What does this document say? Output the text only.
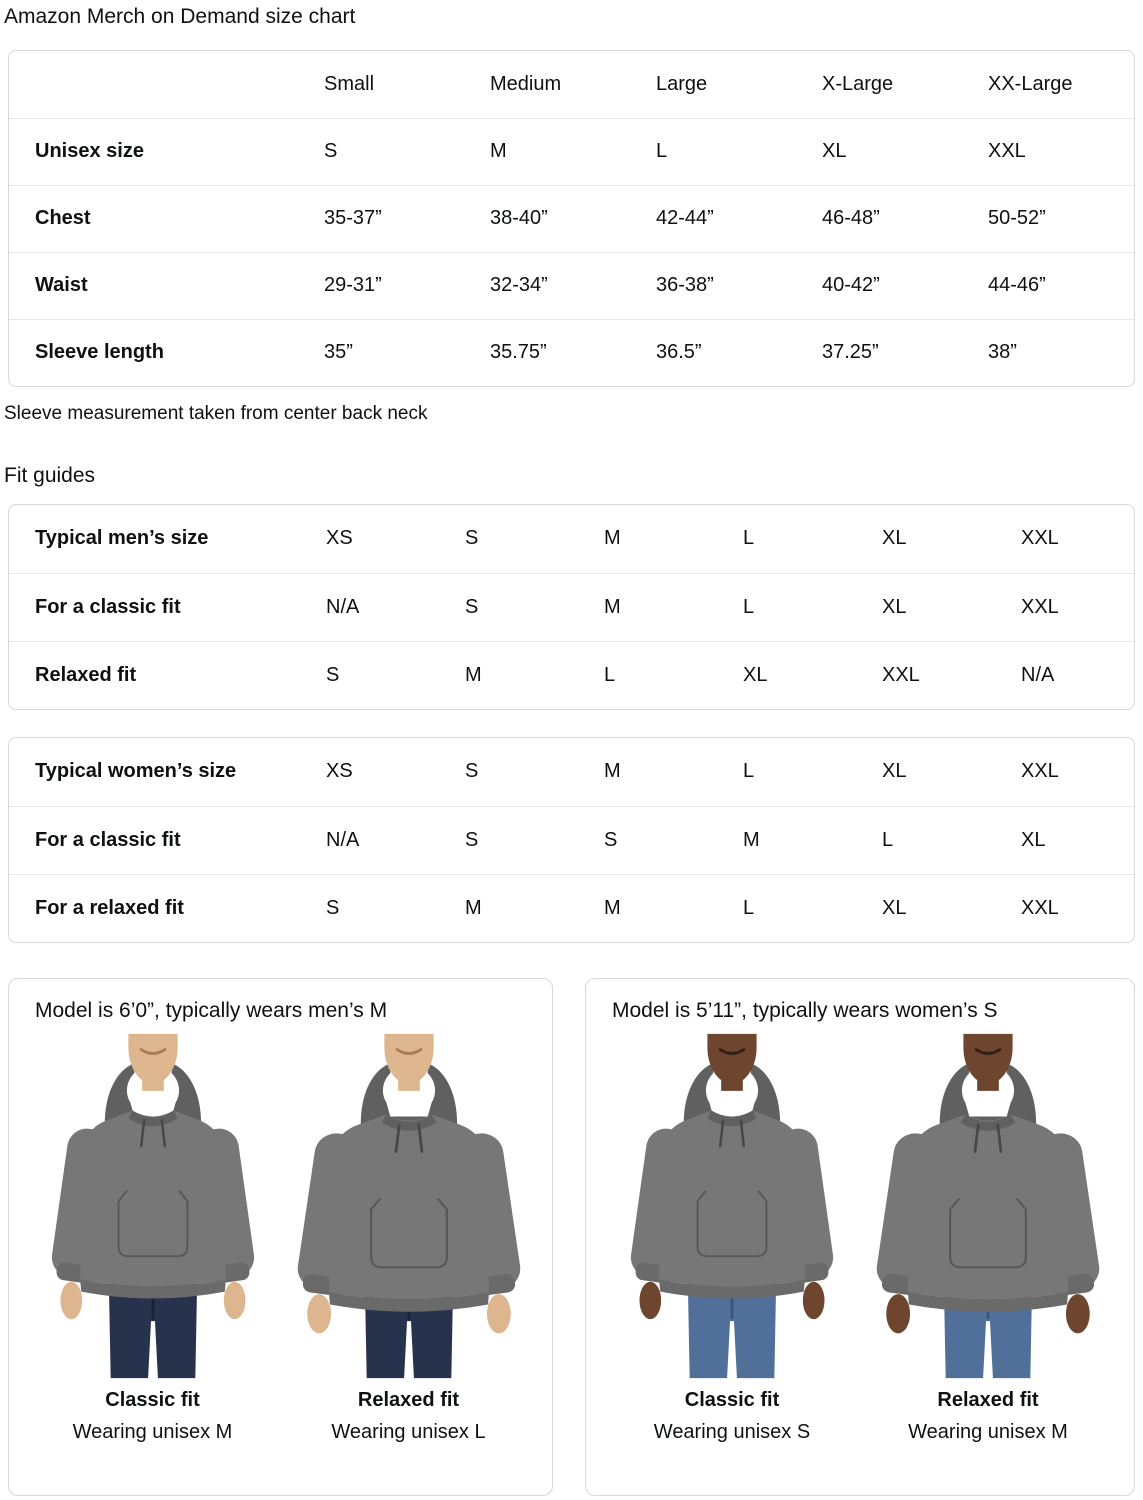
Amazon Merch on Demand size chart
	Small	Medium	Large	X-Large	XX-Large
Unisex size	S	M	L	XL	XXL
Chest	35-37”	38-40”	42-44”	46-48”	50-52”
Waist	29-31”	32-34”	36-38”	40-42”	44-46”
Sleeve length	35”	35.75”	36.5”	37.25”	38”

Sleeve measurement taken from center back neck

Fit guides
Typical men’s size	XS	S	M	L	XL	XXL
For a classic fit	N/A	S	M	L	XL	XXL
Relaxed fit	S	M	L	XL	XXL	N/A
Typical women’s size	XS	S	M	L	XL	XXL
For a classic fit	N/A	S	S	M	L	XL
For a relaxed fit	S	M	M	L	XL	XXL
Model is 6’0”, typically wears men’s M
Classic fit
Wearing unisex M
Relaxed fit
Wearing unisex L
Model is 5’11”, typically wears women’s S
Classic fit
Wearing unisex S
Relaxed fit
Wearing unisex M
